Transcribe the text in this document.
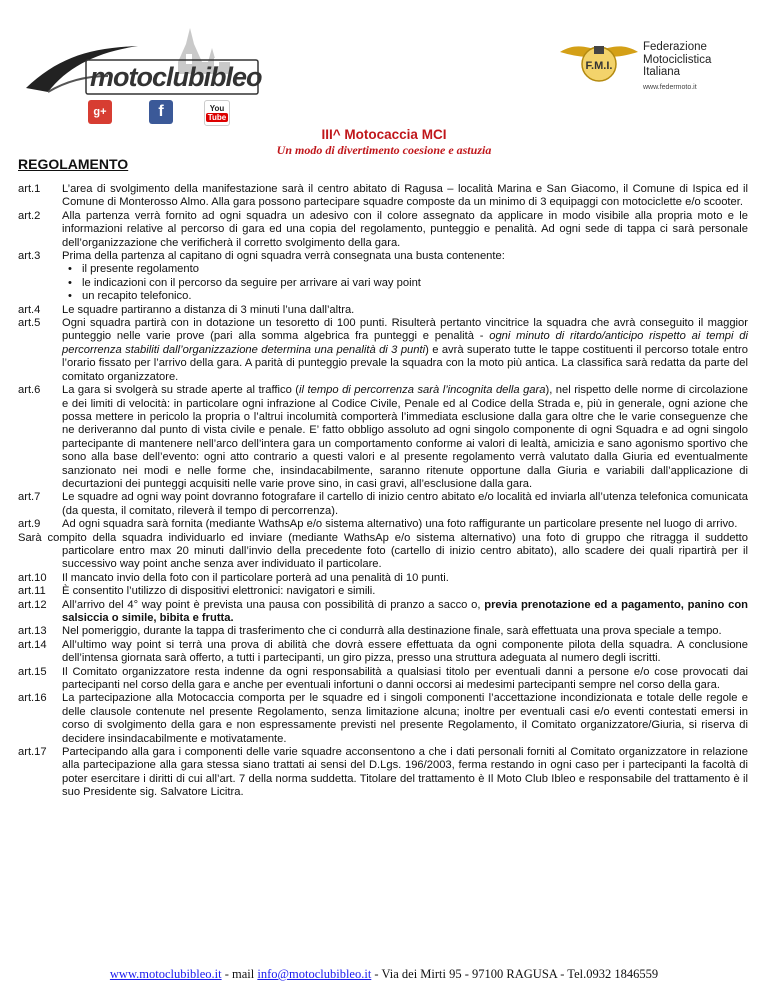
motoclubibleo
g+	f	You
Tube
F.M.I.
Federazione
Motociclistica
Italiana
www.federmoto.it
III^ Motocaccia MCI
Un modo di divertimento coesione e astuzia
REGOLAMENTO
art.1	L’area di svolgimento della manifestazione sarà il centro abitato di Ragusa – località Marina e San Giacomo, il Comune di Ispica ed il Comune di Monterosso Almo. Alla gara possono partecipare squadre composte da un minimo di 3 equipaggi con motociclette e/o scooter.
art.2	Alla partenza verrà fornito ad ogni squadra un adesivo con il colore assegnato da applicare in modo visibile alla propria moto e le informazioni relative al percorso di gara ed una copia del regolamento, punteggio e penalità. Ad ogni sede di tappa ci sarà personale dell’organizzazione che verificherà il corretto svolgimento della gara.
art.3	Prima della partenza al capitano di ogni squadra verrà consegnata una busta contenente:
• il presente regolamento
• le indicazioni con il percorso da seguire per arrivare ai vari way point
• un recapito telefonico.
art.4	Le squadre partiranno a distanza di 3 minuti l’una dall’altra.
art.5	Ogni squadra partirà con in dotazione un tesoretto di 100 punti. Risulterà pertanto vincitrice la squadra che avrà conseguito il maggior punteggio nelle varie prove (pari alla somma algebrica fra punteggi e penalità - ogni minuto di ritardo/anticipo rispetto ai tempi di percorrenza stabiliti dall’organizzazione determina una penalità di 3 punti) e avrà superato tutte le tappe costituenti il percorso totale entro l’orario fissato per l’arrivo della gara. A parità di punteggio prevale la squadra con la moto più antica. La classifica sarà redatta da parte del comitato organizzatore.
art.6	La gara si svolgerà su strade aperte al traffico (il tempo di percorrenza sarà l’incognita della gara), nel rispetto delle norme di circolazione e dei limiti di velocità: in particolare ogni infrazione al Codice Civile, Penale ed al Codice della Strada e, più in generale, ogni azione che possa mettere in pericolo la propria o l’altrui incolumità comporterà l’immediata esclusione dalla gara oltre che le varie conseguenze che ne deriveranno dal punto di vista civile e penale. E’ fatto obbligo assoluto ad ogni singolo componente di ogni Squadra e ad ogni singolo partecipante di mantenere nell’arco dell’intera gara un comportamento conforme ai valori di lealtà, amicizia e sano agonismo sportivo che sono alla base dell’evento: ogni atto contrario a questi valori e al presente regolamento verrà valutato dalla Giuria ed eventualmente sanzionato nei modi e nelle forme che, insindacabilmente, saranno ritenute opportune dalla Giuria e variabili dall’applicazione di decurtazioni dei punteggi acquisiti nelle varie prove sino, in casi gravi, all’esclusione dalla gara.
art.7	Le squadre ad ogni way point dovranno fotografare il cartello di inizio centro abitato e/o località ed inviarla all’utenza telefonica comunicata (da questa, il comitato, rileverà il tempo di percorrenza).
art.9	Ad ogni squadra sarà fornita (mediante WathsAp e/o sistema alternativo) una foto raffigurante un particolare presente nel luogo di arrivo.
Sarà compito della squadra individuarlo ed inviare (mediante WathsAp e/o sistema alternativo) una foto di gruppo che ritragga il suddetto particolare entro max 20 minuti dall’invio della precedente foto (cartello di inizio centro abitato), allo scadere dei quali ripartirà per il successivo way point anche senza aver individuato il particolare.
art.10	Il mancato invio della foto con il particolare porterà ad una penalità di 10 punti.
art.11	È consentito l’utilizzo di dispositivi elettronici: navigatori e simili.
art.12	All’arrivo del 4° way point è prevista una pausa con possibilità di pranzo a sacco o, previa prenotazione ed a pagamento, panino con salsiccia o simile, bibita e frutta.
art.13	Nel pomeriggio, durante la tappa di trasferimento che ci condurrà alla destinazione finale, sarà effettuata una prova speciale a tempo.
art.14	All’ultimo way point si terrà una prova di abilità che dovrà essere effettuata da ogni componente pilota della squadra. A conclusione dell’intensa giornata sarà offerto, a tutti i partecipanti, un giro pizza, presso una struttura adeguata al numero degli iscritti.
art.15	Il Comitato organizzatore resta indenne da ogni responsabilità a qualsiasi titolo per eventuali danni a persone e/o cose provocati dai partecipanti nel corso della gara e anche per eventuali infortuni o danni occorsi ai medesimi partecipanti sempre nel corso della gara.
art.16	La partecipazione alla Motocaccia comporta per le squadre ed i singoli componenti l’accettazione incondizionata e totale delle regole e delle clausole contenute nel presente Regolamento, senza limitazione alcuna; inoltre per eventuali casi e/o eventi contestati emersi in corso di svolgimento della gara e non espressamente previsti nel presente Regolamento, il Comitato organizzatore/Giuria, si riserva di decidere insindacabilmente e motivatamente.
art.17	Partecipando alla gara i componenti delle varie squadre acconsentono a che i dati personali forniti al Comitato organizzatore in relazione alla partecipazione alla gara stessa siano trattati ai sensi del D.Lgs. 196/2003, ferma restando in ogni caso per i partecipanti la facoltà di poter esercitare i diritti di cui all’art. 7 della norma suddetta. Titolare del trattamento è Il Moto Club Ibleo e responsabile del trattamento è il suo Presidente sig. Salvatore Licitra.
www.motoclubibleo.it - mail info@motoclubibleo.it - Via dei Mirti 95 - 97100 RAGUSA - Tel.0932 1846559
